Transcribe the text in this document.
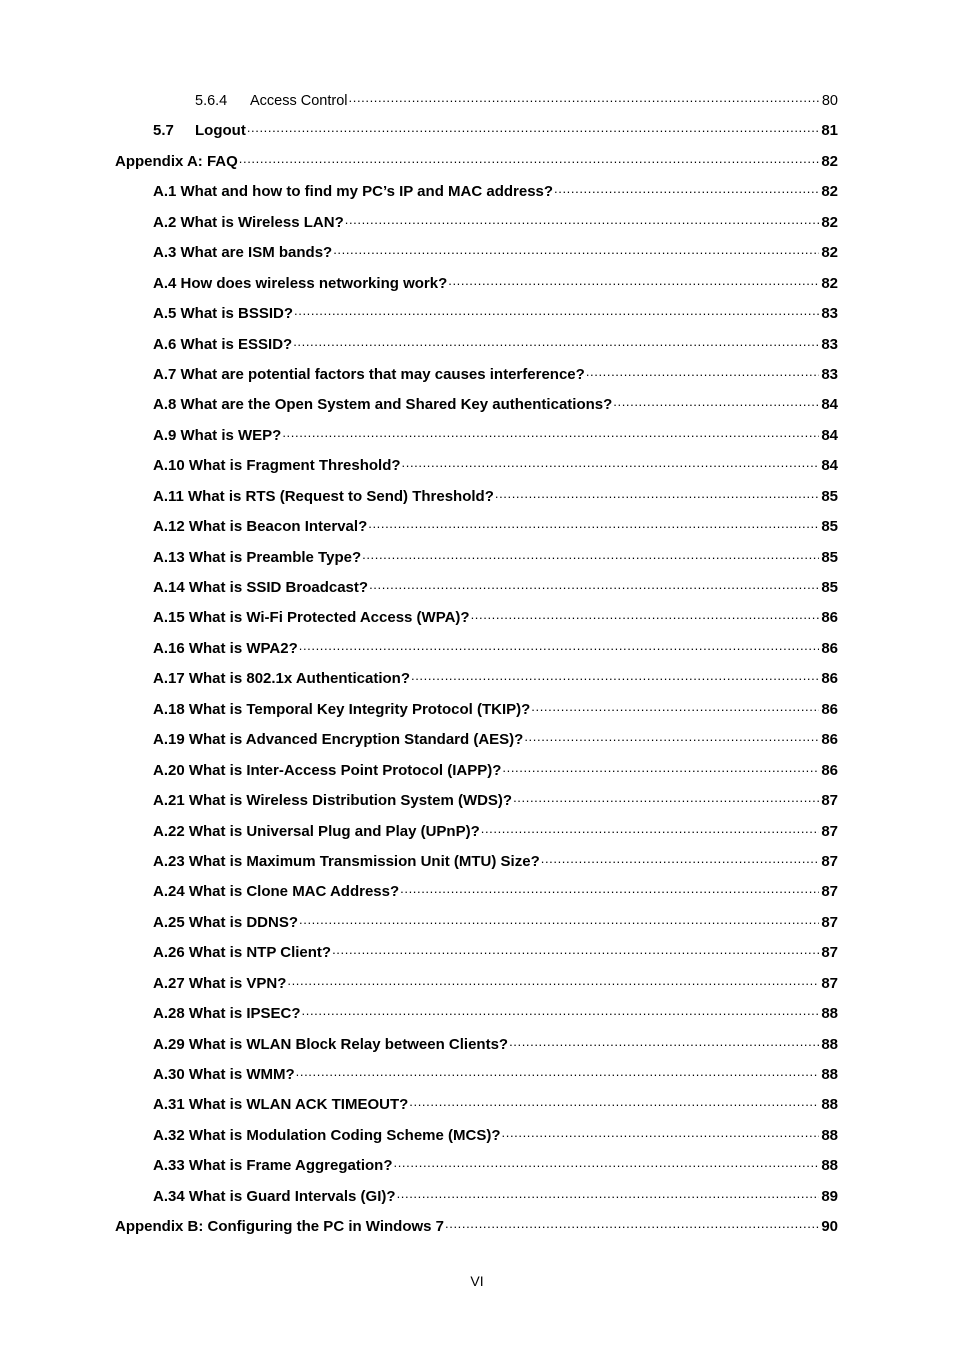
5.6.4	Access Control .....	80
5.7	Logout .....	81
Appendix A: FAQ .....	82
A.1 What and how to find my PC’s IP and MAC address? .....	82
A.2 What is Wireless LAN? .....	82
A.3 What are ISM bands? .....	82
A.4 How does wireless networking work? .....	82
A.5 What is BSSID? .....	83
A.6 What is ESSID? .....	83
A.7 What are potential factors that may causes interference? .....	83
A.8 What are the Open System and Shared Key authentications? .....	84
A.9 What is WEP? .....	84
A.10 What is Fragment Threshold? .....	84
A.11 What is RTS (Request to Send) Threshold? .....	85
A.12 What is Beacon Interval? .....	85
A.13 What is Preamble Type? .....	85
A.14 What is SSID Broadcast? .....	85
A.15 What is Wi-Fi Protected Access (WPA)? .....	86
A.16 What is WPA2? .....	86
A.17 What is 802.1x Authentication? .....	86
A.18 What is Temporal Key Integrity Protocol (TKIP)? .....	86
A.19 What is Advanced Encryption Standard (AES)? .....	86
A.20 What is Inter-Access Point Protocol (IAPP)? .....	86
A.21 What is Wireless Distribution System (WDS)? .....	87
A.22 What is Universal Plug and Play (UPnP)? .....	87
A.23 What is Maximum Transmission Unit (MTU) Size? .....	87
A.24 What is Clone MAC Address? .....	87
A.25 What is DDNS? .....	87
A.26 What is NTP Client? .....	87
A.27 What is VPN? .....	87
A.28 What is IPSEC? .....	88
A.29 What is WLAN Block Relay between Clients? .....	88
A.30 What is WMM? .....	88
A.31 What is WLAN ACK TIMEOUT? .....	88
A.32 What is Modulation Coding Scheme (MCS)? .....	88
A.33 What is Frame Aggregation? .....	88
A.34 What is Guard Intervals (GI)? .....	89
Appendix B: Configuring the PC in Windows 7 .....	90
VI
